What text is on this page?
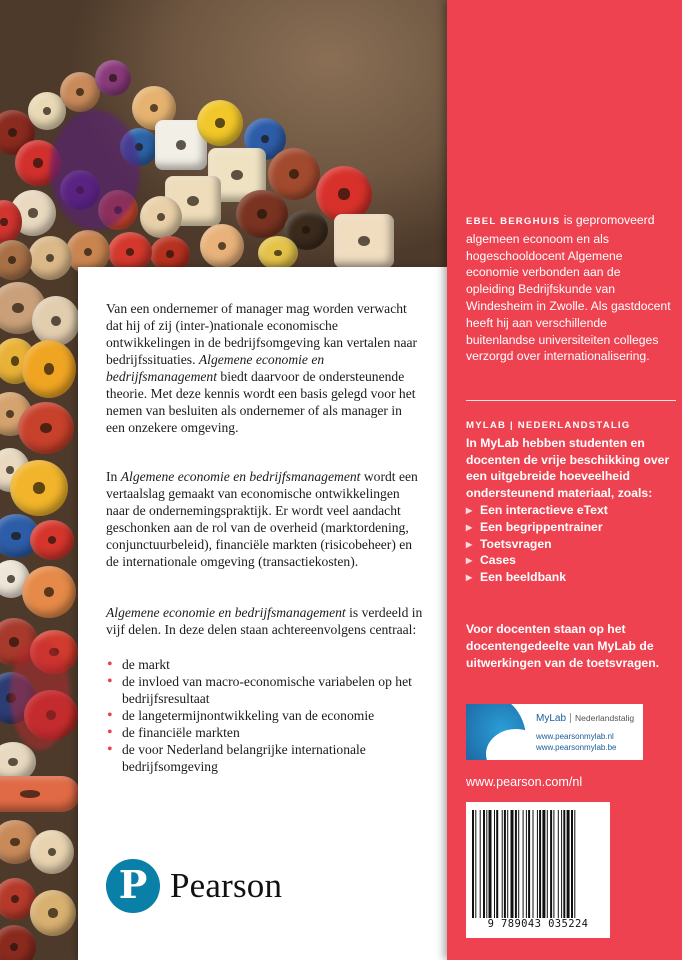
Van een ondernemer of manager mag worden verwacht dat hij of zij (inter-)nationale economische ontwikkelingen in de bedrijfsomgeving kan vertalen naar bedrijfssituaties. Algemene economie en bedrijfsmanagement biedt daarvoor de ondersteunende theorie. Met deze kennis wordt een basis gelegd voor het nemen van besluiten als ondernemer of als manager in een onzekere omgeving.

In Algemene economie en bedrijfsmanagement wordt een vertaalslag gemaakt van economische ontwikkelingen naar de ondernemingspraktijk. Er wordt veel aandacht geschonken aan de rol van de overheid (marktordening, conjunctuurbeleid), financiële markten (risicobeheer) en de internationale omgeving (transactiekosten).

Algemene economie en bedrijfsmanagement is verdeeld in vijf delen. In deze delen staan achtereenvolgens centraal:

• de markt
• de invloed van macro-economische variabelen op het bedrijfsresultaat
• de langetermijnontwikkeling van de economie
• de financiële markten
• de voor Nederland belangrijke internationale bedrijfsomgeving
P Pearson

EBEL BERGHUIS is gepromoveerd algemeen econoom en als hogeschooldocent Algemene economie verbonden aan de opleiding Bedrijfskunde van Windesheim in Zwolle. Als gastdocent heeft hij aan verschillende buitenlandse universiteiten colleges verzorgd over internationalisering.

MYLAB | NEDERLANDSTALIG

In MyLab hebben studenten en docenten de vrije beschikking over een uitgebreide hoeveelheid ondersteunend materiaal, zoals:

▸ Een interactieve eText
▸ Een begrippentrainer
▸ Toetsvragen
▸ Cases
▸ Een beeldbank

Voor docenten staan op het docentengedeelte van MyLab de uitwerkingen van de toetsvragen.

MyLab Nederlandstalig
www.pearsonmylab.nl
www.pearsonmylab.be

www.pearson.com/nl

9 789043 035224
